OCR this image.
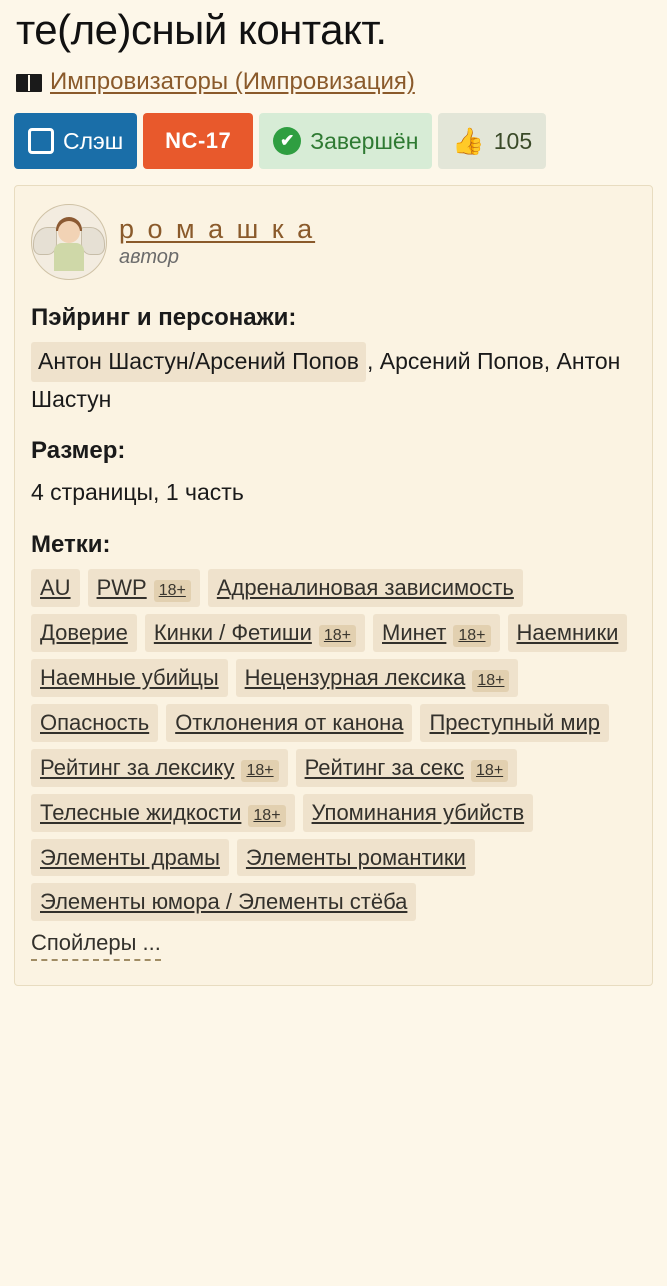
те(ле)сный контакт.
Импровизаторы (Импровизация)
Слэш	NC-17	✔ Завершён 👍 105
р о м а ш к а
автор
Пэйринг и персонажи:
Антон Шастун/Арсений Попов , Арсений Попов, Антон Шастун
Размер:
4 страницы, 1 часть
Метки:
AU PWP 18+ Адреналиновая зависимость
Доверие Кинки / Фетиши 18+ Минет 18+ Наемники
Наемные убийцы Нецензурная лексика 18+
Опасность Отклонения от канона Преступный мир
Рейтинг за лексику 18+ Рейтинг за секс 18+
Телесные жидкости 18+ Упоминания убийств
Элементы драмы Элементы романтики
Элементы юмора / Элементы стёба
Спойлеры ...
